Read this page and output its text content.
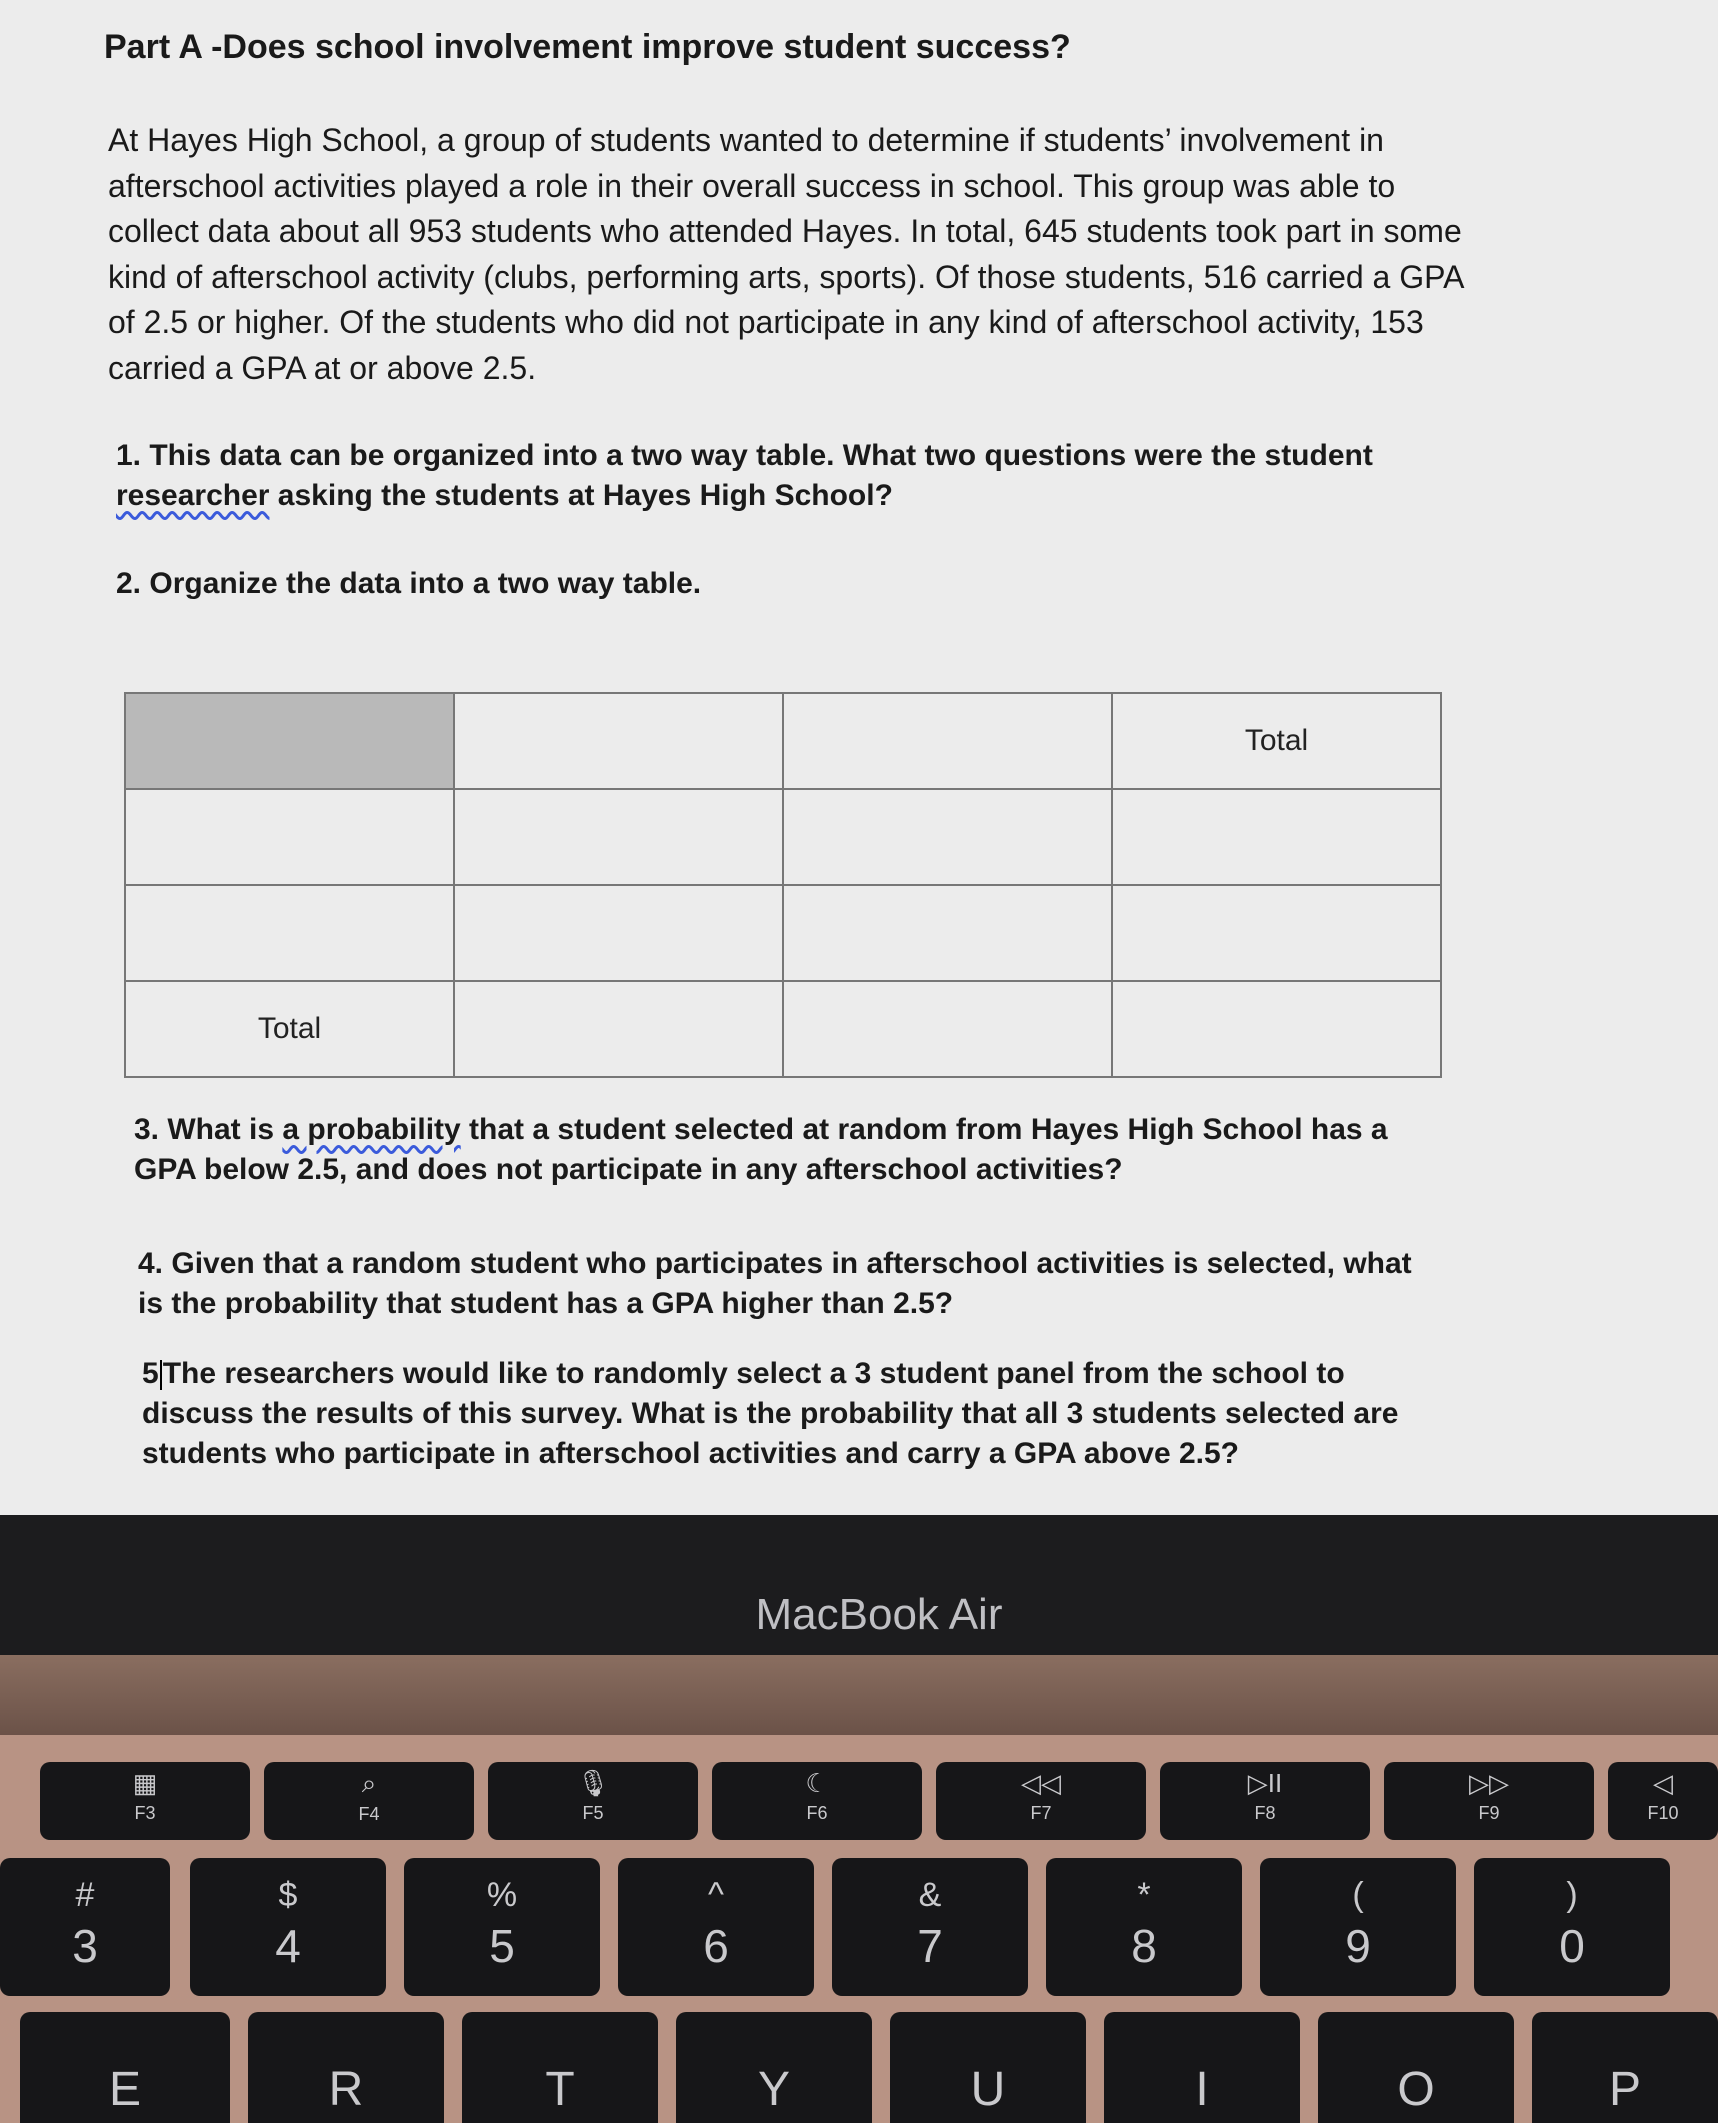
Part A -Does school involvement improve student success?
At Hayes High School, a group of students wanted to determine if students’ involvement in afterschool activities played a role in their overall success in school. This group was able to collect data about all 953 students who attended Hayes. In total, 645 students took part in some kind of afterschool activity (clubs, performing arts, sports). Of those students, 516 carried a GPA of 2.5 or higher. Of the students who did not participate in any kind of afterschool activity, 153 carried a GPA at or above 2.5.
1. This data can be organized into a two way table. What two questions were the student researcher asking the students at Hayes High School?
2. Organize the data into a two way table.
			Total

Total			
3. What is a probability that a student selected at random from Hayes High School has a GPA below 2.5, and does not participate in any afterschool activities?
4. Given that a random student who participates in afterschool activities is selected, what is the probability that student has a GPA higher than 2.5?
5 The researchers would like to randomly select a 3 student panel from the school to discuss the results of this survey. What is the probability that all 3 students selected are students who participate in afterschool activities and carry a GPA above 2.5?
MacBook Air
▦
F3
⌕
F4
🎙
F5
☾
F6
◁◁
F7
▷II
F8
▷▷
F9
◁
F10
#
3
$
4
%
5
^
6
&
7
*
8
(
9
)
0
E	R	T	Y	U	I	O	P
